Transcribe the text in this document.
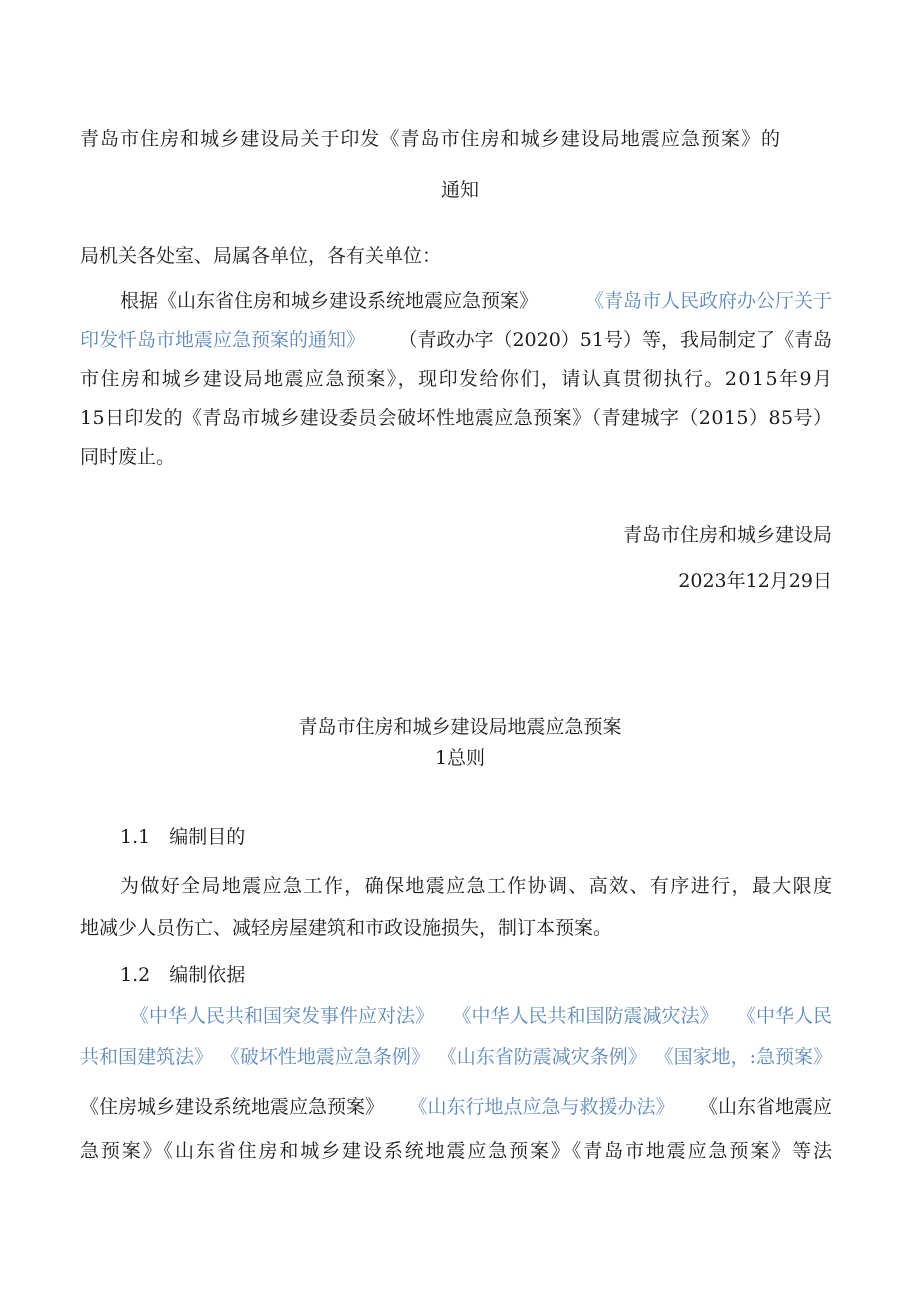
青岛市住房和城乡建设局关于印发《青岛市住房和城乡建设局地震应急预案》的
通知
局机关各处室、局属各单位，各有关单位：
根据《山东省住房和城乡建设系统地震应急预案》 《青岛市人民政府办公厅关于
印发忏岛市地震应急预案的通知》 （青政办字（2020）51号）等，我局制定了《青岛
市住房和城乡建设局地震应急预案》，现印发给你们，请认真贯彻执行。2015年9月
15日印发的《青岛市城乡建设委员会破坏性地震应急预案》（青建城字（2015）85号）
同时废止。
青岛市住房和城乡建设局
2023年12月29日
青岛市住房和城乡建设局地震应急预案
1总则
1.1　编制目的
为做好全局地震应急工作，确保地震应急工作协调、高效、有序进行，最大限度
地减少人员伤亡、减轻房屋建筑和市政设施损失，制订本预案。
1.2　编制依据
《中华人民共和国突发事件应对法》 《中华人民共和国防震减灾法》 《中华人民
共和国建筑法》 《破坏性地震应急条例》 《山东省防震减灾条例》 《国家地，:急预案》
《住房城乡建设系统地震应急预案》 《山东行地点应急与救援办法》 《山东省地震应
急预案》《山东省住房和城乡建设系统地震应急预案》《青岛市地震应急预案》等法
